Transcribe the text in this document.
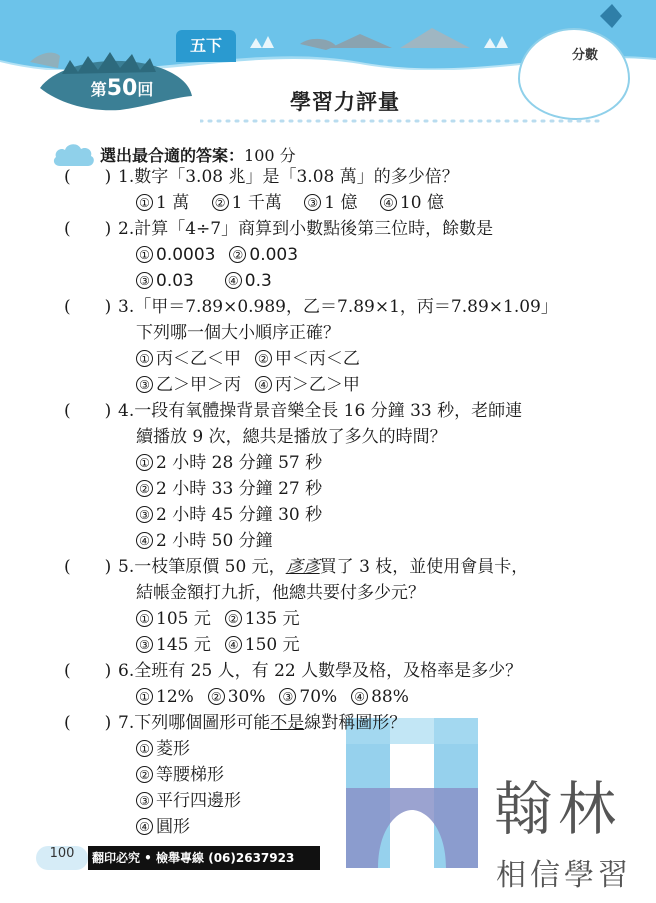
五下
第50回
學習力評量
分數
選出最合適的答案：100 分
(　　) 1.數字「3.08 兆」是「3.08 萬」的多少倍？
① 1 萬  ② 1 千萬  ③ 1 億  ④ 10 億
(　　) 2.計算「4÷7」商算到小數點後第三位時，餘數是
① 0.0003  ② 0.003
③ 0.03  	④ 0.3
(　　) 3.「甲＝7.89×0.989，乙＝7.89×1，丙＝7.89×1.09」
下列哪一個大小順序正確？
① 丙＜乙＜甲  ② 甲＜丙＜乙
③ 乙＞甲＞丙  ④ 丙＞乙＞甲
(　　) 4.一段有氧體操背景音樂全長 16 分鐘 33 秒，老師連
續播放 9 次，總共是播放了多久的時間？
① 2 小時 28 分鐘 57 秒
② 2 小時 33 分鐘 27 秒
③ 2 小時 45 分鐘 30 秒
④ 2 小時 50 分鐘
(　　) 5.一枝筆原價 50 元，彥彥買了 3 枝，並使用會員卡，
結帳金額打九折，他總共要付多少元？
① 105 元  ② 135 元
③ 145 元  ④ 150 元
(　　) 6.全班有 25 人，有 22 人數學及格，及格率是多少？
① 12%  ② 30%  ③ 70%  ④ 88%
(　　) 7.下列哪個圖形可能不是線對稱圖形？
① 菱形
② 等腰梯形
③ 平行四邊形
④ 圓形	翰林
相信學習
100	翻印必究 • 檢舉專線 (06)2637923
